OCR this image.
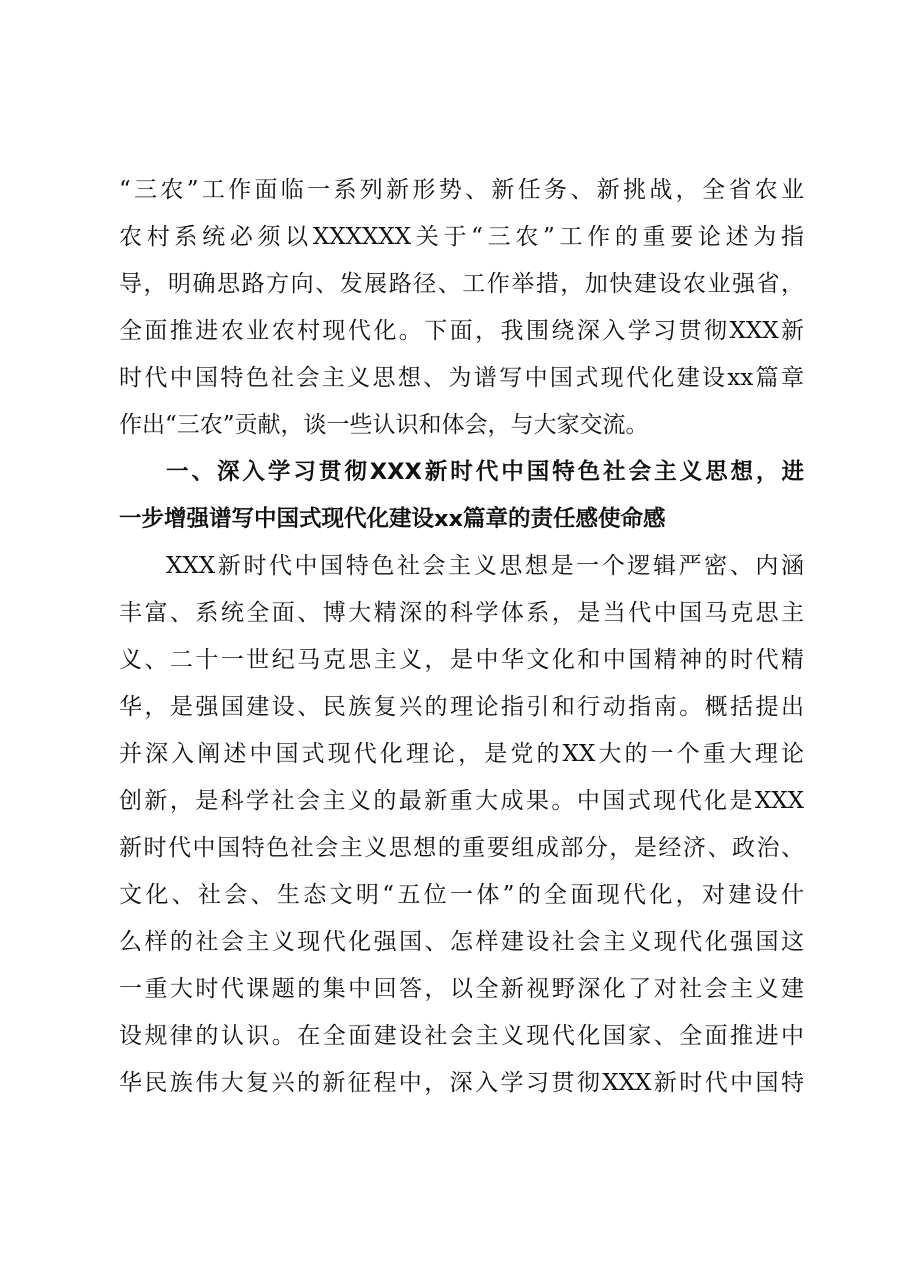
“三农”工作面临一系列新形势、新任务、新挑战，全省农业
农村系统必须以XXXXXX关于“三农”工作的重要论述为指
导，明确思路方向、发展路径、工作举措，加快建设农业强省，
全面推进农业农村现代化。下面，我围绕深入学习贯彻XXX新
时代中国特色社会主义思想、为谱写中国式现代化建设xx篇章
作出“三农”贡献，谈一些认识和体会，与大家交流。
一、深入学习贯彻XXX新时代中国特色社会主义思想，进
一步增强谱写中国式现代化建设xx篇章的责任感使命感
XXX新时代中国特色社会主义思想是一个逻辑严密、内涵
丰富、系统全面、博大精深的科学体系，是当代中国马克思主
义、二十一世纪马克思主义，是中华文化和中国精神的时代精
华，是强国建设、民族复兴的理论指引和行动指南。概括提出
并深入阐述中国式现代化理论，是党的XX大的一个重大理论
创新，是科学社会主义的最新重大成果。中国式现代化是XXX
新时代中国特色社会主义思想的重要组成部分，是经济、政治、
文化、社会、生态文明“五位一体”的全面现代化，对建设什
么样的社会主义现代化强国、怎样建设社会主义现代化强国这
一重大时代课题的集中回答，以全新视野深化了对社会主义建
设规律的认识。在全面建设社会主义现代化国家、全面推进中
华民族伟大复兴的新征程中，深入学习贯彻XXX新时代中国特
